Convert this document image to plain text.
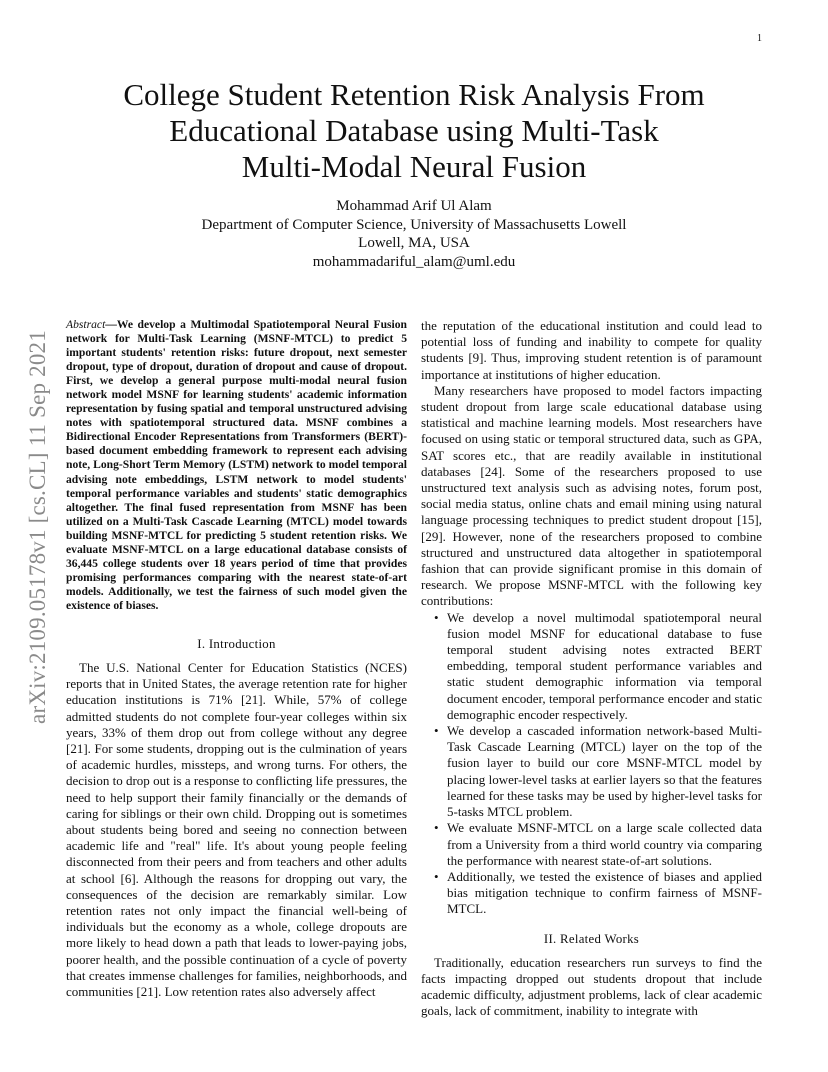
1
arXiv:2109.05178v1 [cs.CL] 11 Sep 2021
College Student Retention Risk Analysis From
Educational Database using Multi-Task
Multi-Modal Neural Fusion
Mohammad Arif Ul Alam
Department of Computer Science, University of Massachusetts Lowell
Lowell, MA, USA
mohammadariful_alam@uml.edu

Abstract—We develop a Multimodal Spatiotemporal Neural Fusion network for Multi-Task Learning (MSNF-MTCL) to predict 5 important students' retention risks: future dropout, next semester dropout, type of dropout, duration of dropout and cause of dropout. First, we develop a general purpose multi-modal neural fusion network model MSNF for learning students' academic information representation by fusing spatial and temporal unstructured advising notes with spatiotemporal structured data. MSNF combines a Bidirectional Encoder Representations from Transformers (BERT)-based document embedding framework to represent each advising note, Long-Short Term Memory (LSTM) network to model temporal advising note embeddings, LSTM network to model students' temporal performance variables and students' static demographics altogether. The final fused representation from MSNF has been utilized on a Multi-Task Cascade Learning (MTCL) model towards building MSNF-MTCL for predicting 5 student retention risks. We evaluate MSNF-MTCL on a large educational database consists of 36,445 college students over 18 years period of time that provides promising performances comparing with the nearest state-of-art models. Additionally, we test the fairness of such model given the existence of biases.

I. Introduction

The U.S. National Center for Education Statistics (NCES) reports that in United States, the average retention rate for higher education institutions is 71% [21]. While, 57% of college admitted students do not complete four-year colleges within six years, 33% of them drop out from college without any degree [21]. For some students, dropping out is the culmination of years of academic hurdles, missteps, and wrong turns. For others, the decision to drop out is a response to conflicting life pressures, the need to help support their family financially or the demands of caring for siblings or their own child. Dropping out is sometimes about students being bored and seeing no connection between academic life and "real" life. It's about young people feeling disconnected from their peers and from teachers and other adults at school [6]. Although the reasons for dropping out vary, the consequences of the decision are remarkably similar. Low retention rates not only impact the financial well-being of individuals but the economy as a whole, college dropouts are more likely to head down a path that leads to lower-paying jobs, poorer health, and the possible continuation of a cycle of poverty that creates immense challenges for families, neighborhoods, and communities [21]. Low retention rates also adversely affect

the reputation of the educational institution and could lead to potential loss of funding and inability to compete for quality students [9]. Thus, improving student retention is of paramount importance at institutions of higher education.

Many researchers have proposed to model factors impacting student dropout from large scale educational database using statistical and machine learning models. Most researchers have focused on using static or temporal structured data, such as GPA, SAT scores etc., that are readily available in institutional databases [24]. Some of the researchers proposed to use unstructured text analysis such as advising notes, forum post, social media status, online chats and email mining using natural language processing techniques to predict student dropout [15], [29]. However, none of the researchers proposed to combine structured and unstructured data altogether in spatiotemporal fashion that can provide significant promise in this domain of research. We propose MSNF-MTCL with the following key contributions:

• We develop a novel multimodal spatiotemporal neural fusion model MSNF for educational database to fuse temporal student advising notes extracted BERT embedding, temporal student performance variables and static student demographic information via temporal document encoder, temporal performance encoder and static demographic encoder respectively.
• We develop a cascaded information network-based Multi-Task Cascade Learning (MTCL) layer on the top of the fusion layer to build our core MSNF-MTCL model by placing lower-level tasks at earlier layers so that the features learned for these tasks may be used by higher-level tasks for 5-tasks MTCL problem.
• We evaluate MSNF-MTCL on a large scale collected data from a University from a third world country via comparing the performance with nearest state-of-art solutions.
• Additionally, we tested the existence of biases and applied bias mitigation technique to confirm fairness of MSNF-MTCL.
II. Related Works

Traditionally, education researchers run surveys to find the facts impacting dropped out students dropout that include academic difficulty, adjustment problems, lack of clear academic goals, lack of commitment, inability to integrate with
